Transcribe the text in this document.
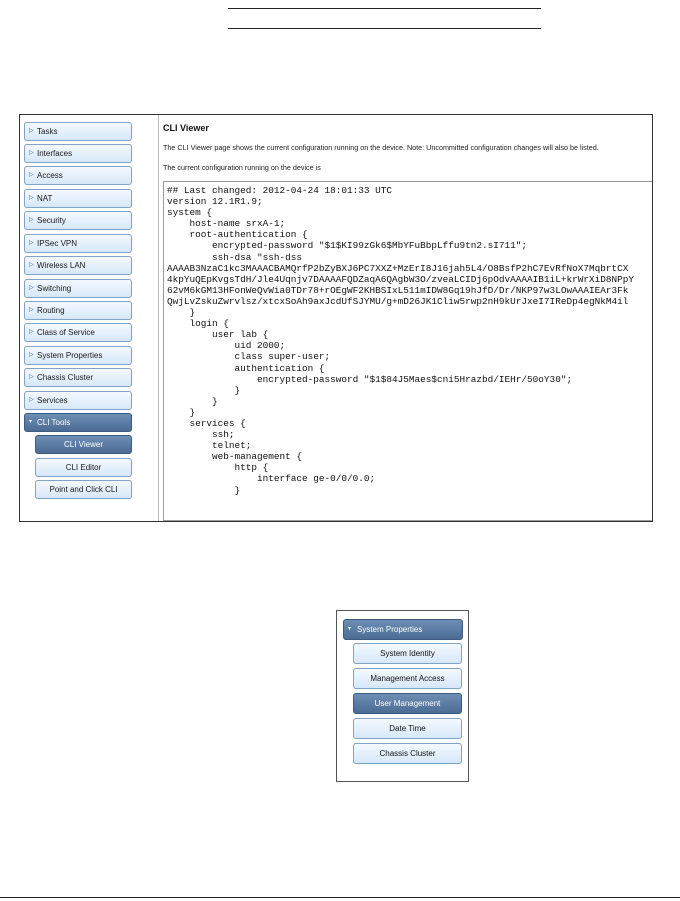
▷ Tasks
▷ Interfaces
▷ Access
▷ NAT
▷ Security
▷ IPSec VPN
▷ Wireless LAN
▷ Switching
▷ Routing
▷ Class of Service
▷ System Properties
▷ Chassis Cluster
▷ Services
▾ CLI Tools
CLI Viewer
CLI Editor
Point and Click CLI
CLI Viewer
The CLI Viewer page shows the current configuration running on the device. Note: Uncommitted configuration changes will also be listed.
The current configuration running on the device is
## Last changed: 2012-04-24 18:01:33 UTC
version 12.1R1.9;
system {
host-name srxA-1;
root-authentication {
encrypted-password "$1$KI99zGk6$MbYFuBbpLffu9tn2.sI711";
ssh-dsa "ssh-dss
AAAAB3NzaC1kc3MAAACBAMQrfP2bZyBXJ6PC7XXZ+MzErI8J16jah5L4/O8BsfP2hC7EvRfNoX7MqbrtCX
4kpYuQEpKvgsTdH/Jle4Uqnjv7DAAAAFQDZaqA6QAgbW3O/zveaLCIDj6pOdvAAAAIB1iL+krWrXiD8NPpY
62vM6kGM13HFonWeQvWia0TDr78+rOEgWF2KHBSIxL511mIDW8Gq19hJfD/Dr/NKP97w3LOwAAAIEAr3Fk
QwjLvZskuZwrvlsz/xtcxSoAh9axJcdUfSJYMU/g+mD26JK1Cliw5rwp2nH9kUrJxeI7IReDp4egNkM4il
}
login {
user lab {
uid 2000;
class super-user;
authentication {
encrypted-password "$1$84J5Maes$cni5Hrazbd/IEHr/50oY30";
}
}
}
services {
ssh;
telnet;
web-management {
http {
interface ge-0/0/0.0;
}
▾ System Properties
System Identity
Management Access
User Management
Date Time
Chassis Cluster
